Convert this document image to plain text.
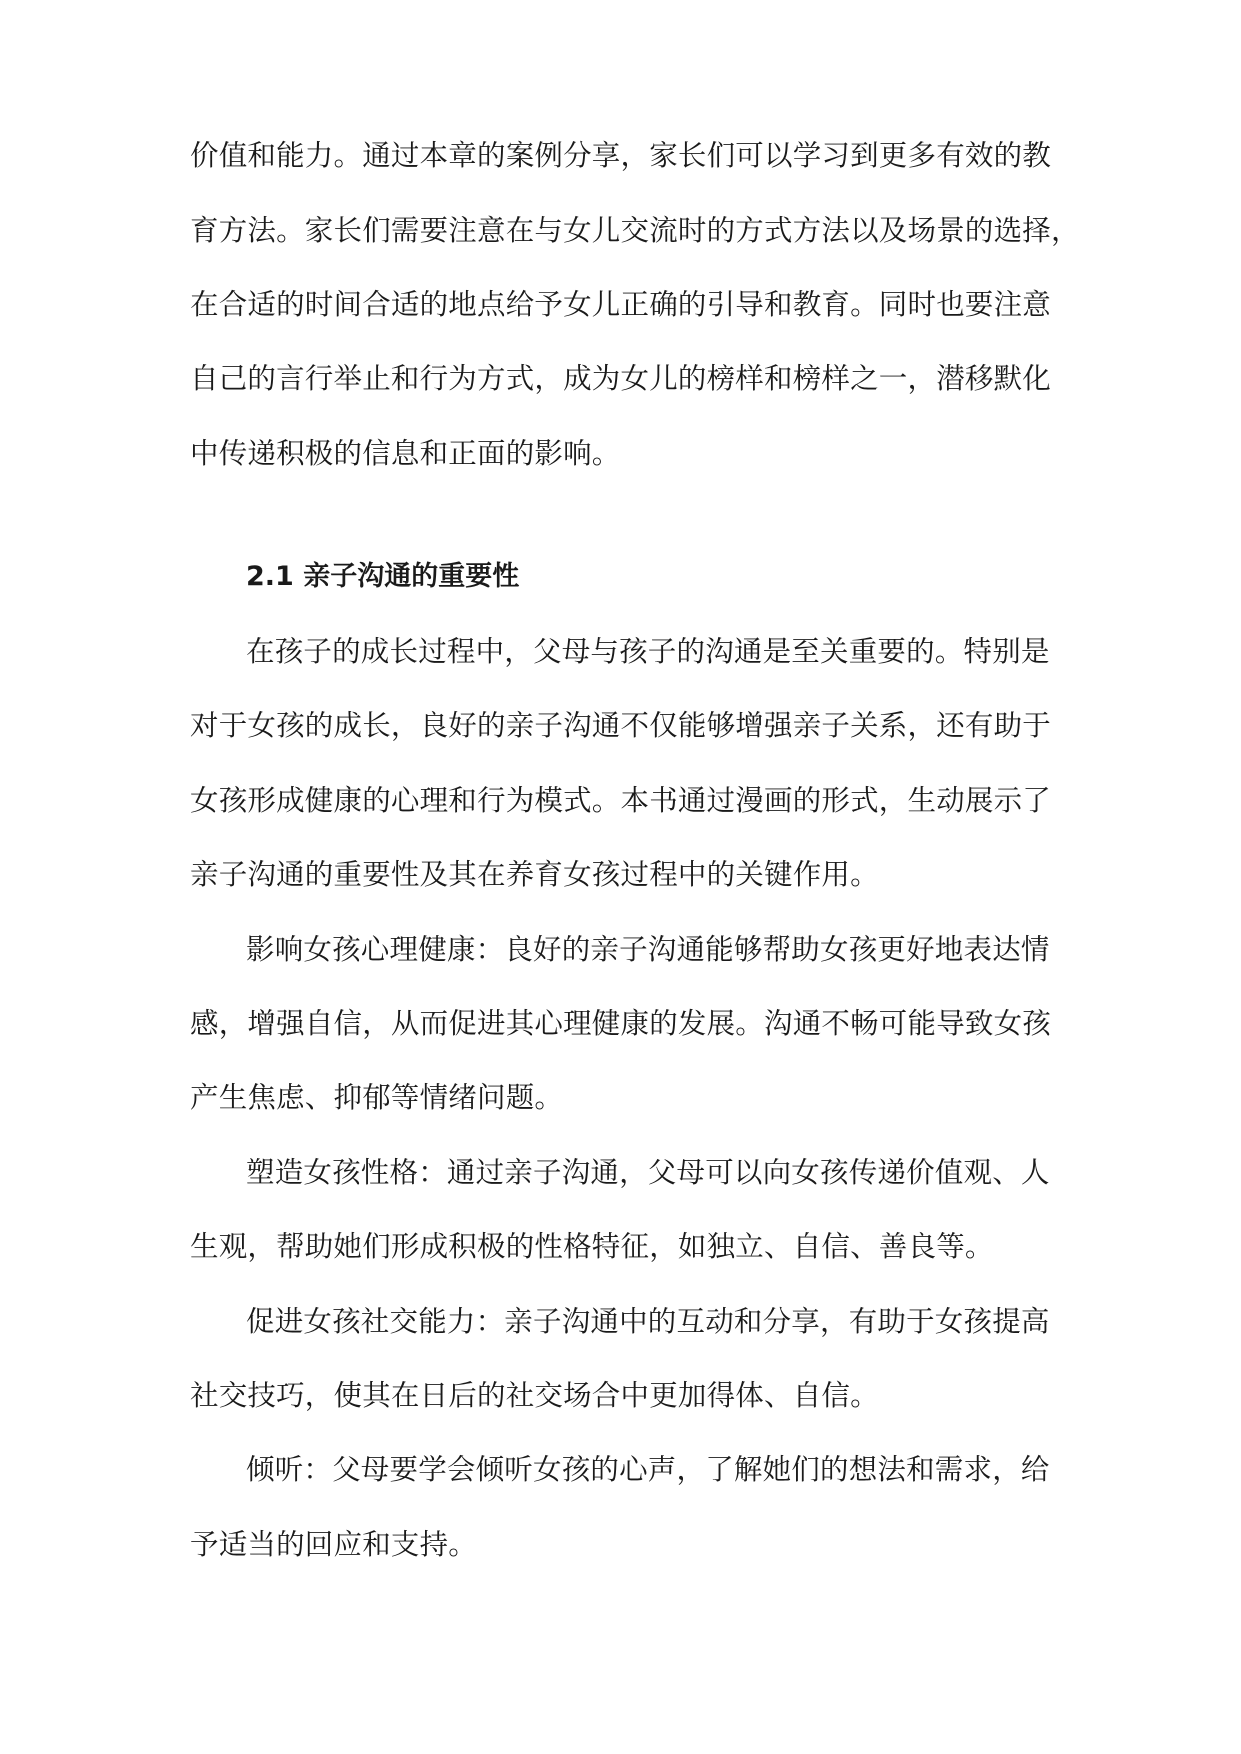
价值和能力。通过本章的案例分享，家长们可以学习到更多有效的教
育方法。家长们需要注意在与女儿交流时的方式方法以及场景的选择，
在合适的时间合适的地点给予女儿正确的引导和教育。同时也要注意
自己的言行举止和行为方式，成为女儿的榜样和榜样之一，潜移默化
中传递积极的信息和正面的影响。
2.1 亲子沟通的重要性
在孩子的成长过程中，父母与孩子的沟通是至关重要的。特别是
对于女孩的成长，良好的亲子沟通不仅能够增强亲子关系，还有助于
女孩形成健康的心理和行为模式。本书通过漫画的形式，生动展示了
亲子沟通的重要性及其在养育女孩过程中的关键作用。
影响女孩心理健康：良好的亲子沟通能够帮助女孩更好地表达情
感，增强自信，从而促进其心理健康的发展。沟通不畅可能导致女孩
产生焦虑、抑郁等情绪问题。
塑造女孩性格：通过亲子沟通，父母可以向女孩传递价值观、人
生观，帮助她们形成积极的性格特征，如独立、自信、善良等。
促进女孩社交能力：亲子沟通中的互动和分享，有助于女孩提高
社交技巧，使其在日后的社交场合中更加得体、自信。
倾听：父母要学会倾听女孩的心声，了解她们的想法和需求，给
予适当的回应和支持。
